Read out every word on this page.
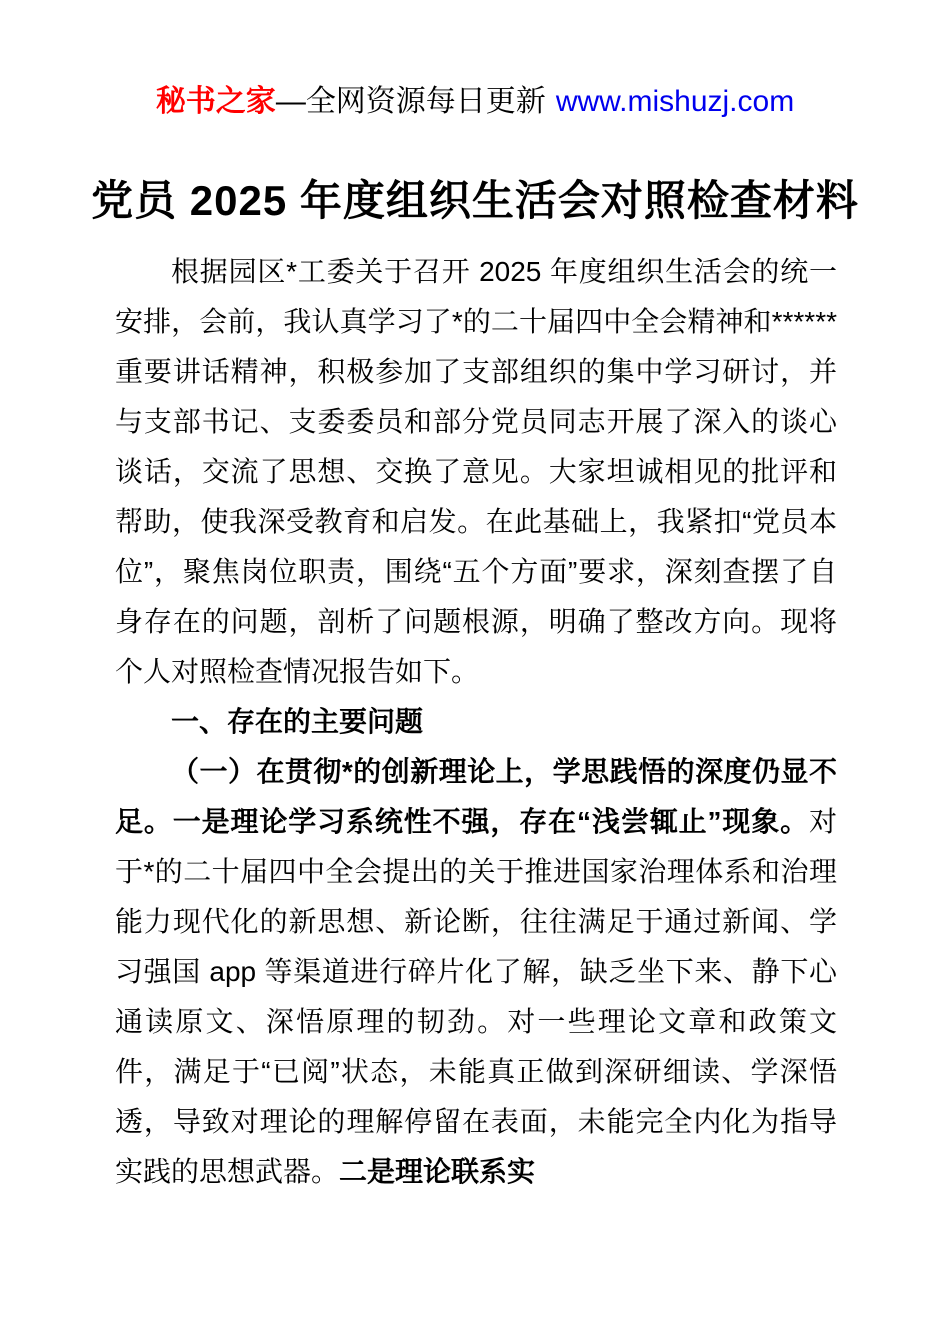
秘书之家—全网资源每日更新 www.mishuzj.com
党员 2025 年度组织生活会对照检查材料

根据园区*工委关于召开 2025 年度组织生活会的统一安排，会前，我认真学习了*的二十届四中全会精神和******重要讲话精神，积极参加了支部组织的集中学习研讨，并与支部书记、支委委员和部分党员同志开展了深入的谈心谈话，交流了思想、交换了意见。大家坦诚相见的批评和帮助，使我深受教育和启发。在此基础上，我紧扣“党员本位”，聚焦岗位职责，围绕“五个方面”要求，深刻查摆了自身存在的问题，剖析了问题根源，明确了整改方向。现将个人对照检查情况报告如下。

一、存在的主要问题

（一）在贯彻*的创新理论上，学思践悟的深度仍显不足。一是理论学习系统性不强，存在“浅尝辄止”现象。对于*的二十届四中全会提出的关于推进国家治理体系和治理能力现代化的新思想、新论断，往往满足于通过新闻、学习强国 app 等渠道进行碎片化了解，缺乏坐下来、静下心通读原文、深悟原理的韧劲。对一些理论文章和政策文件，满足于“已阅”状态，未能真正做到深研细读、学深悟透，导致对理论的理解停留在表面，未能完全内化为指导实践的思想武器。二是理论联系实
